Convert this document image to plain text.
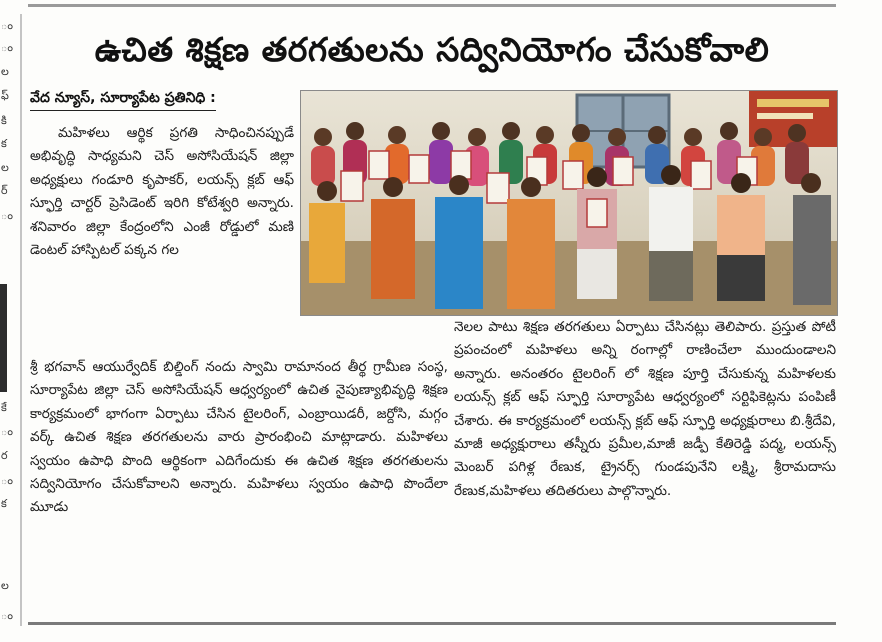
ం
ం
ల
ఫ్
కి
క
ల
ర్
ం
కే
ం
ర
ం
క
ల
ం
ఉచిత శిక్షణ తరగతులను సద్వినియోగం చేసుకోవాలి
వేద న్యూస్, సూర్యాపేట ప్రతినిధి :

మహిళలు ఆర్థిక ప్రగతి సాధించినప్పుడే అభివృద్ధి సాధ్యమని చెస్ అసోసియేషన్ జిల్లా అధ్యక్షులు గండూరి కృపాకర్, లయన్స్ క్లబ్ ఆఫ్ స్ఫూర్తి చార్టర్ ప్రెసిడెంట్ ఇరిగి కోటేశ్వరి అన్నారు. శనివారం జిల్లా కేంద్రంలోని ఎంజీ రోడ్డులో మణి డెంటల్ హాస్పిటల్ పక్కన గల

శ్రీ భగవాన్ ఆయుర్వేదిక్ బిల్డింగ్ నందు స్వామి రామానంద తీర్థ గ్రామీణ సంస్థ, సూర్యాపేట జిల్లా చెస్ అసోసియేషన్ ఆధ్వర్యంలో ఉచిత నైపుణ్యాభివృద్ధి శిక్షణ కార్యక్రమంలో భాగంగా ఏర్పాటు చేసిన టైలరింగ్, ఎంబ్రాయిడరీ, జర్దోసి, మగ్గం వర్క్ ఉచిత శిక్షణ తరగతులను వారు ప్రారంభించి మాట్లాడారు. మహిళలు స్వయం ఉపాధి పొంది ఆర్థికంగా ఎదిగేందుకు ఈ ఉచిత శిక్షణ తరగతులను సద్వినియోగం చేసుకోవాలని అన్నారు. మహిళలు స్వయం ఉపాధి పొందేలా మూడు
నెలల పాటు శిక్షణ తరగతులు ఏర్పాటు చేసినట్లు తెలిపారు. ప్రస్తుత పోటీ ప్రపంచంలో మహిళలు అన్ని రంగాల్లో రాణించేలా ముందుండాలని అన్నారు. అనంతరం టైలరింగ్ లో శిక్షణ పూర్తి చేసుకున్న మహిళలకు లయన్స్ క్లబ్ ఆఫ్ స్ఫూర్తి సూర్యాపేట ఆధ్వర్యంలో సర్టిఫికెట్లను పంపిణీ చేశారు. ఈ కార్యక్రమంలో లయన్స్ క్లబ్ ఆఫ్ స్ఫూర్తి అధ్యక్షురాలు బి.శ్రీదేవి, మాజీ అధ్యక్షురాలు తస్నీరు ప్రమీల,మాజీ జడ్పీ కేతిరెడ్డి పద్మ, లయన్స్ మెంబర్ పగిళ్ల రేణుక, ట్రైనర్స్ గుండపునేని లక్ష్మి, శ్రీరామదాసు రేణుక,మహిళలు తదితరులు పాల్గొన్నారు.
